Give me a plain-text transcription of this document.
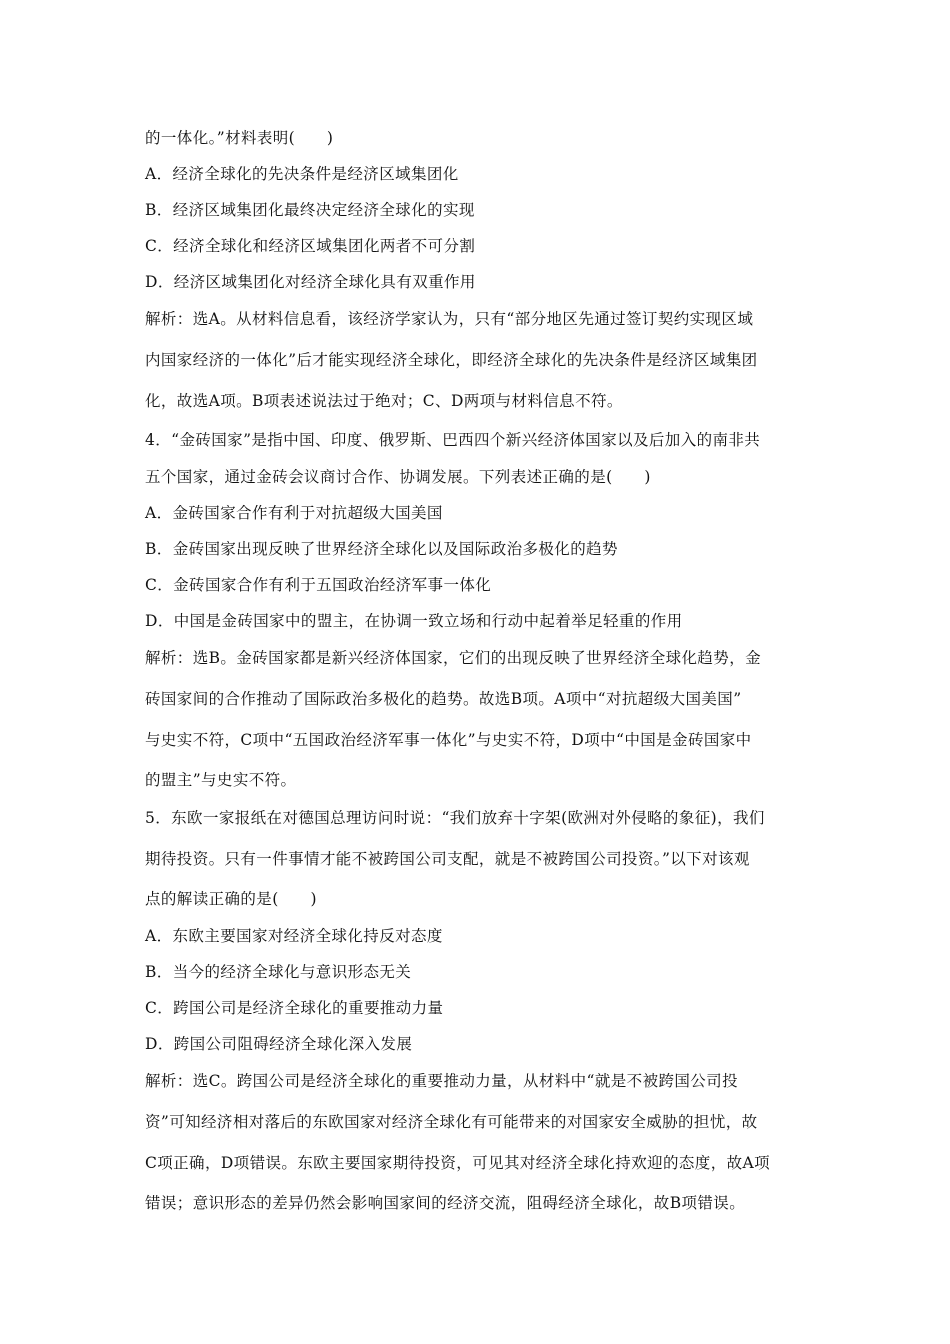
的一体化。”材料表明(　　)
A．经济全球化的先决条件是经济区域集团化
B．经济区域集团化最终决定经济全球化的实现
C．经济全球化和经济区域集团化两者不可分割
D．经济区域集团化对经济全球化具有双重作用
解析：选A。从材料信息看，该经济学家认为，只有“部分地区先通过签订契约实现区域
内国家经济的一体化”后才能实现经济全球化，即经济全球化的先决条件是经济区域集团
化，故选A项。B项表述说法过于绝对；C、D两项与材料信息不符。
4．“金砖国家”是指中国、印度、俄罗斯、巴西四个新兴经济体国家以及后加入的南非共
五个国家，通过金砖会议商讨合作、协调发展。下列表述正确的是(　　)
A．金砖国家合作有利于对抗超级大国美国
B．金砖国家出现反映了世界经济全球化以及国际政治多极化的趋势
C．金砖国家合作有利于五国政治经济军事一体化
D．中国是金砖国家中的盟主，在协调一致立场和行动中起着举足轻重的作用
解析：选B。金砖国家都是新兴经济体国家，它们的出现反映了世界经济全球化趋势，金
砖国家间的合作推动了国际政治多极化的趋势。故选B项。A项中“对抗超级大国美国”
与史实不符，C项中“五国政治经济军事一体化”与史实不符，D项中“中国是金砖国家中
的盟主”与史实不符。
5．东欧一家报纸在对德国总理访问时说：“我们放弃十字架(欧洲对外侵略的象征)，我们
期待投资。只有一件事情才能不被跨国公司支配，就是不被跨国公司投资。”以下对该观
点的解读正确的是(　　)
A．东欧主要国家对经济全球化持反对态度
B．当今的经济全球化与意识形态无关
C．跨国公司是经济全球化的重要推动力量
D．跨国公司阻碍经济全球化深入发展
解析：选C。跨国公司是经济全球化的重要推动力量，从材料中“就是不被跨国公司投
资”可知经济相对落后的东欧国家对经济全球化有可能带来的对国家安全威胁的担忧，故
C项正确，D项错误。东欧主要国家期待投资，可见其对经济全球化持欢迎的态度，故A项
错误；意识形态的差异仍然会影响国家间的经济交流，阻碍经济全球化，故B项错误。
